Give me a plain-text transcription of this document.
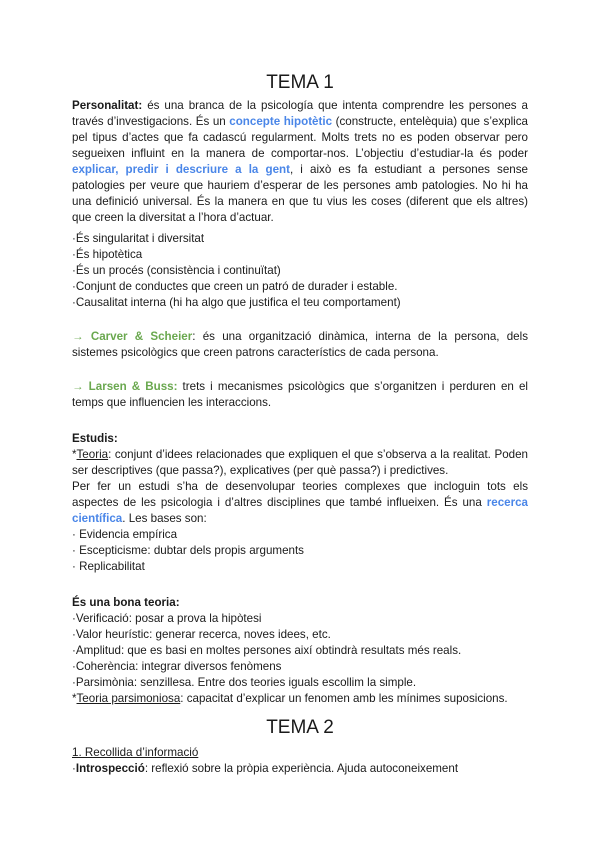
TEMA 1

Personalitat: és una branca de la psicología que intenta comprendre les persones a través d’investigacions. És un concepte hipotètic (constructe, entelèquia) que s’explica pel tipus d’actes que fa cadascú regularment. Molts trets no es poden observar pero segueixen influint en la manera de comportar-nos. L’objectiu d’estudiar-la és poder explicar, predir i descriure a la gent, i això es fa estudiant a persones sense patologies per veure que hauriem d’esperar de les persones amb patologies. No hi ha una definició universal. És la manera en que tu vius les coses (diferent que els altres) que creen la diversitat a l’hora d’actuar.

·És singularitat i diversitat
·És hipotètica
·És un procés (consistència i continuïtat)
·Conjunt de conductes que creen un patró de durader i estable.
·Causalitat interna (hi ha algo que justifica el teu comportament)

→ Carver & Scheier: és una organització dinàmica, interna de la persona, dels sistemes psicològics que creen patrons característics de cada persona.

→ Larsen & Buss: trets i mecanismes psicològics que s’organitzen i perduren en el temps que influencien les interaccions.

Estudis:

*Teoria: conjunt d’idees relacionades que expliquen el que s’observa a la realitat. Poden ser descriptives (que passa?), explicatives (per què passa?) i predictives.

Per fer un estudi s’ha de desenvolupar teories complexes que incloguin tots els aspectes de les psicologia i d’altres disciplines que també influeixen. És una recerca científica. Les bases son:

· Evidencia empírica
· Escepticisme: dubtar dels propis arguments
· Replicabilitat

És una bona teoria:

·Verificació: posar a prova la hipòtesi
·Valor heurístic: generar recerca, noves idees, etc.
·Amplitud: que es basi en moltes persones així obtindrà resultats més reals.
·Coherència: integrar diversos fenòmens
·Parsimònia: senzillesa. Entre dos teories iguals escollim la simple.

*Teoria parsimoniosa: capacitat d’explicar un fenomen amb les mínimes suposicions.

TEMA 2

1. Recollida d’informació

·Introspecció: reflexió sobre la pròpia experiència. Ajuda autoconeixement
